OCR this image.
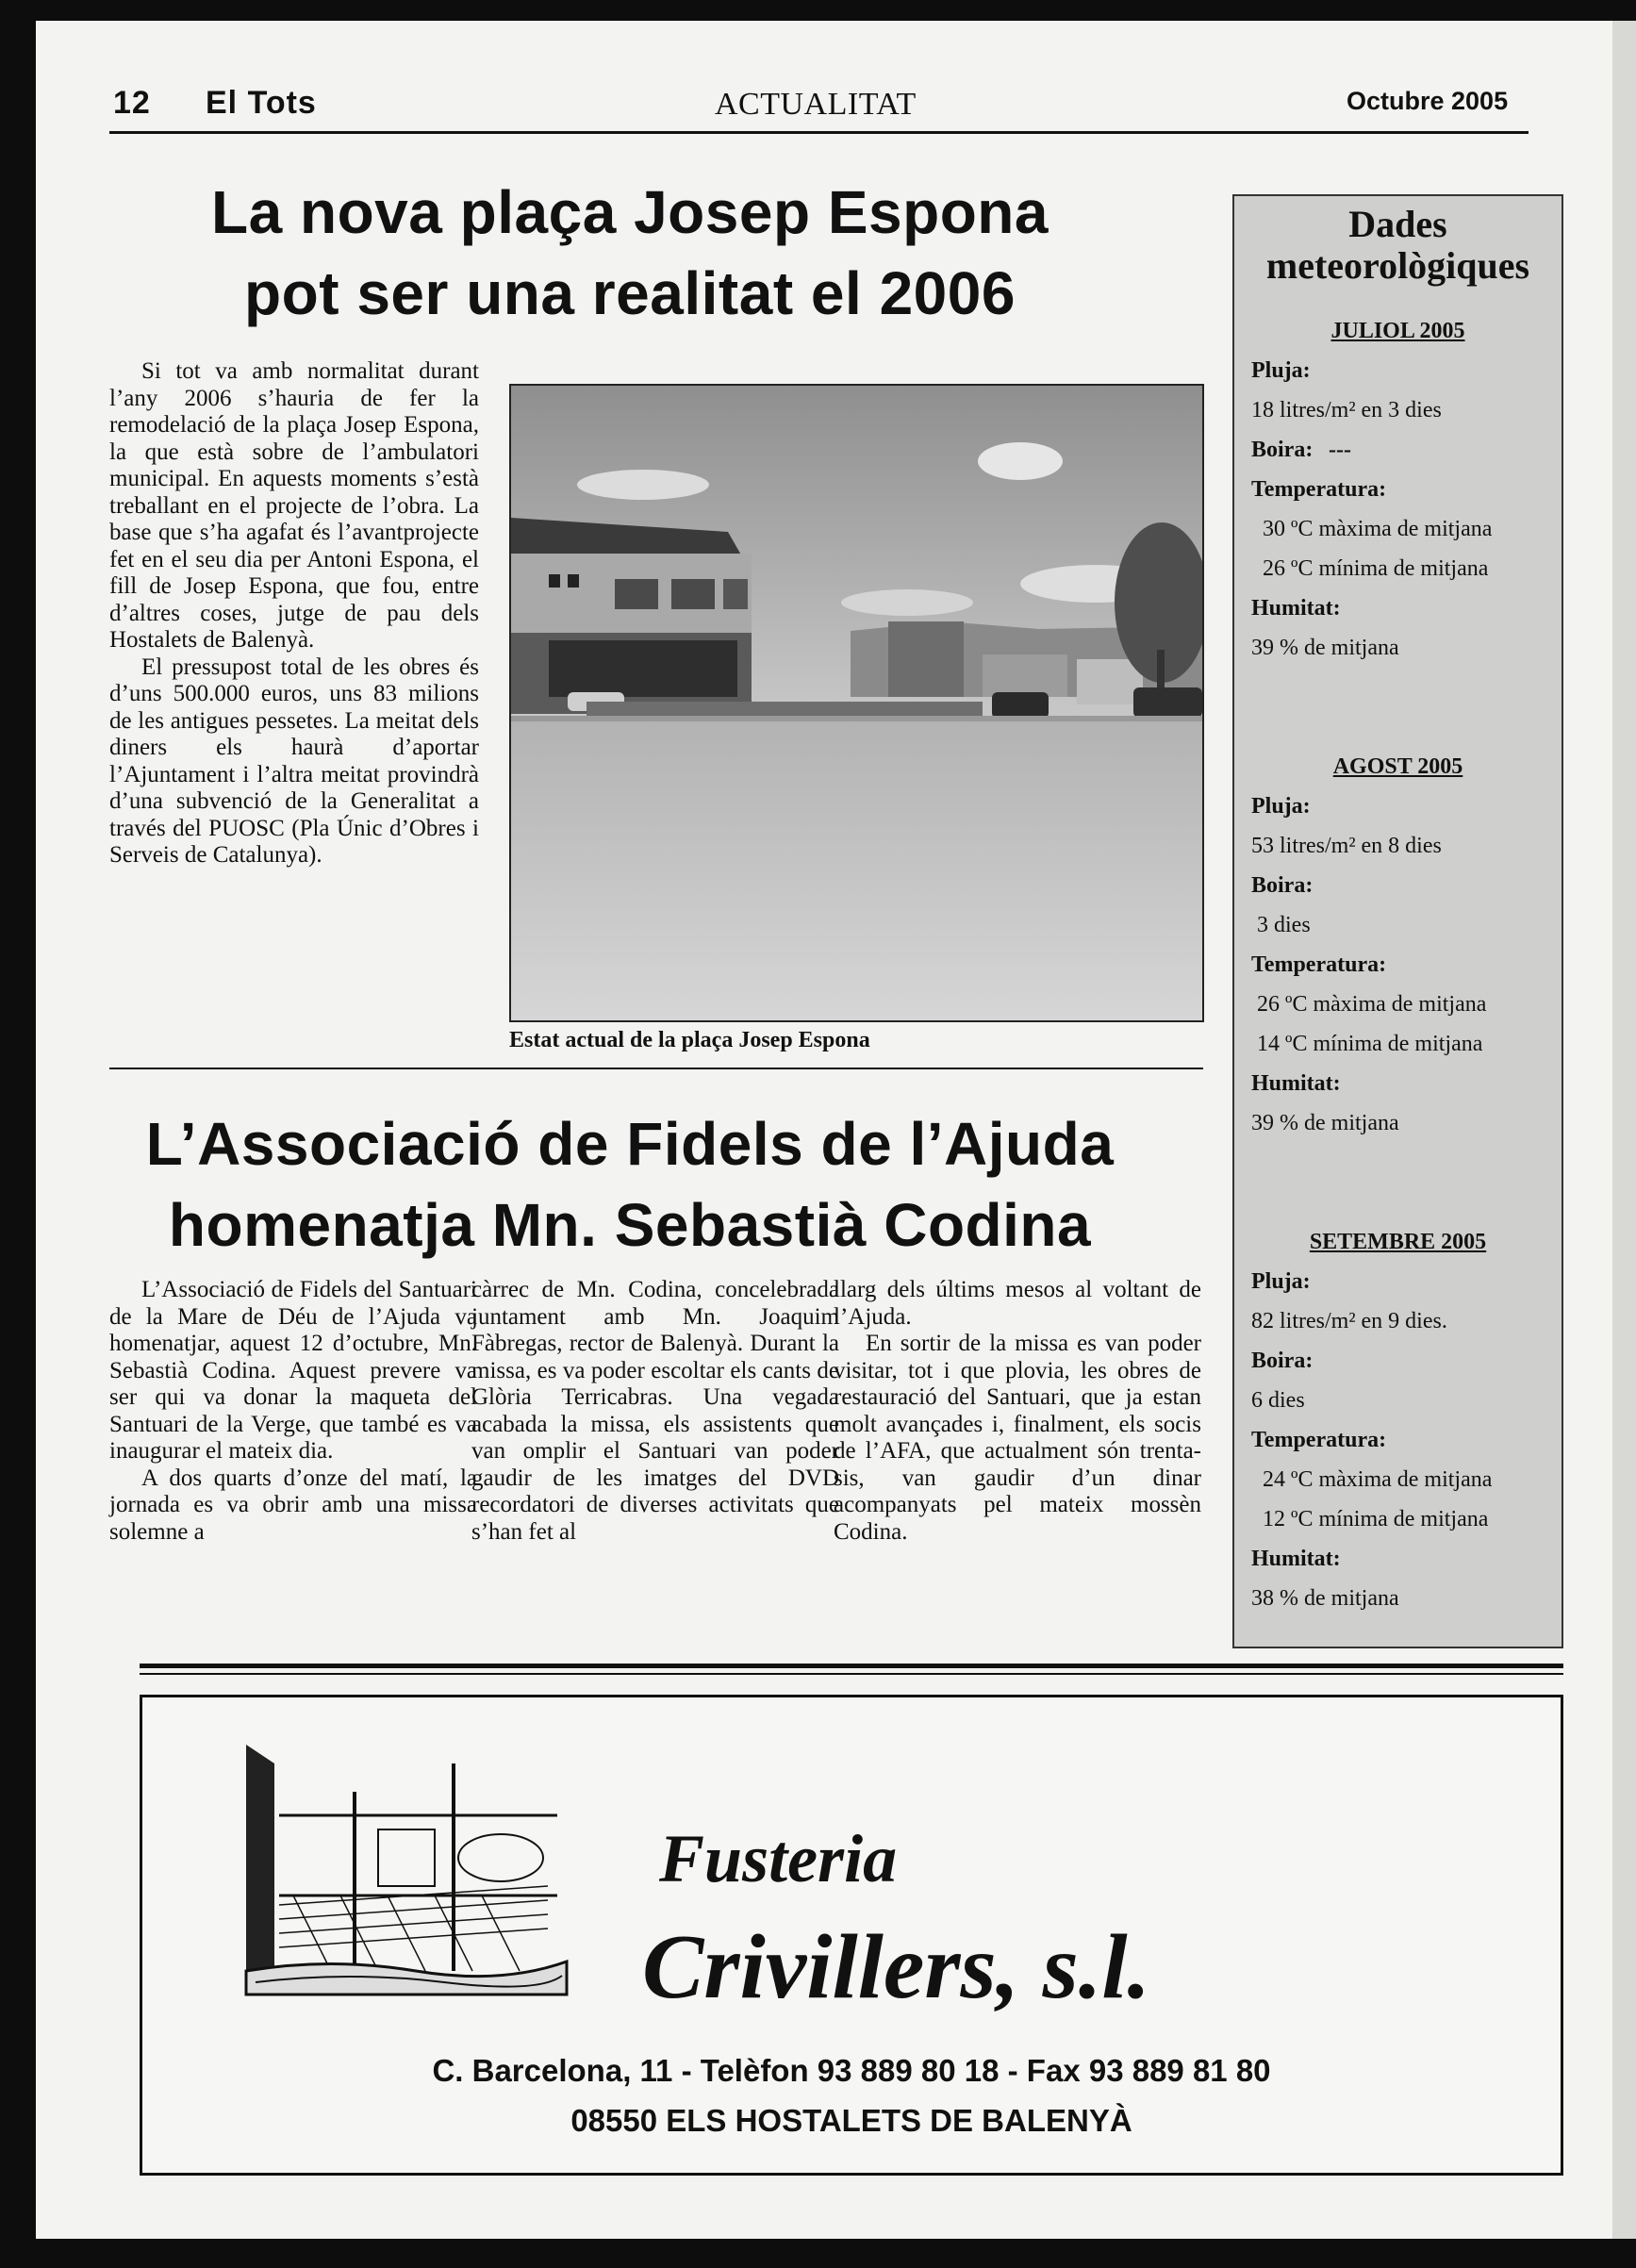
12 El Tots	ACTUALITAT	Octubre 2005
La nova plaça Josep Espona
pot ser una realitat el 2006

Si tot va amb normalitat durant l’any 2006 s’hauria de fer la remodelació de la plaça Josep Espona, la que està sobre de l’ambulatori municipal. En aquests moments s’està treballant en el projecte de l’obra. La base que s’ha agafat és l’avantprojecte fet en el seu dia per Antoni Espona, el fill de Josep Espona, que fou, entre d’altres coses, jutge de pau dels Hostalets de Balenyà.

El pressupost total de les obres és d’uns 500.000 euros, uns 83 milions de les antigues pessetes. La meitat dels diners els haurà d’aportar l’Ajuntament i l’altra meitat provindrà d’una subvenció de la Generalitat a través del PUOSC (Pla Únic d’Obres i Serveis de Catalunya).

Estat actual de la plaça Josep Espona
L’Associació de Fidels de l’Ajuda
homenatja Mn. Sebastià Codina

L’Associació de Fidels del Santuari de la Mare de Déu de l’Ajuda va homenatjar, aquest 12 d’octubre, Mn. Sebastià Codina. Aquest prevere va ser qui va donar la maqueta del Santuari de la Verge, que també es va inaugurar el mateix dia.

A dos quarts d’onze del matí, la jornada es va obrir amb una missa solemne a

càrrec de Mn. Codina, concelebrada juntament amb Mn. Joaquim Fàbregas, rector de Balenyà. Durant la missa, es va poder escoltar els cants de Glòria Terricabras. Una vegada acabada la missa, els assistents que van omplir el Santuari van poder gaudir de les imatges del DVD recordatori de diverses activitats que s’han fet al

llarg dels últims mesos al voltant de l’Ajuda.

En sortir de la missa es van poder visitar, tot i que plovia, les obres de restauració del Santuari, que ja estan molt avançades i, finalment, els socis de l’AFA, que actualment són trenta-sis, van gaudir d’un dinar acompanyats pel mateix mossèn Codina.

Dades
meteorològiques
JULIOL 2005
Pluja:
18 litres/m² en 3 dies
Boira: ---
Temperatura:
30 ºC màxima de mitjana
26 ºC mínima de mitjana
Humitat:
39 % de mitjana
AGOST 2005
Pluja:
53 litres/m² en 8 dies
Boira:
3 dies
Temperatura:
26 ºC màxima de mitjana
14 ºC mínima de mitjana
Humitat:
39 % de mitjana
SETEMBRE 2005
Pluja:
82 litres/m² en 9 dies.
Boira:
6 dies
Temperatura:
24 ºC màxima de mitjana
12 ºC mínima de mitjana
Humitat:
38 % de mitjana
Fusteria
Crivillers, s.l.
C. Barcelona, 11 - Telèfon 93 889 80 18 - Fax 93 889 81 80
08550 ELS HOSTALETS DE BALENYÀ
